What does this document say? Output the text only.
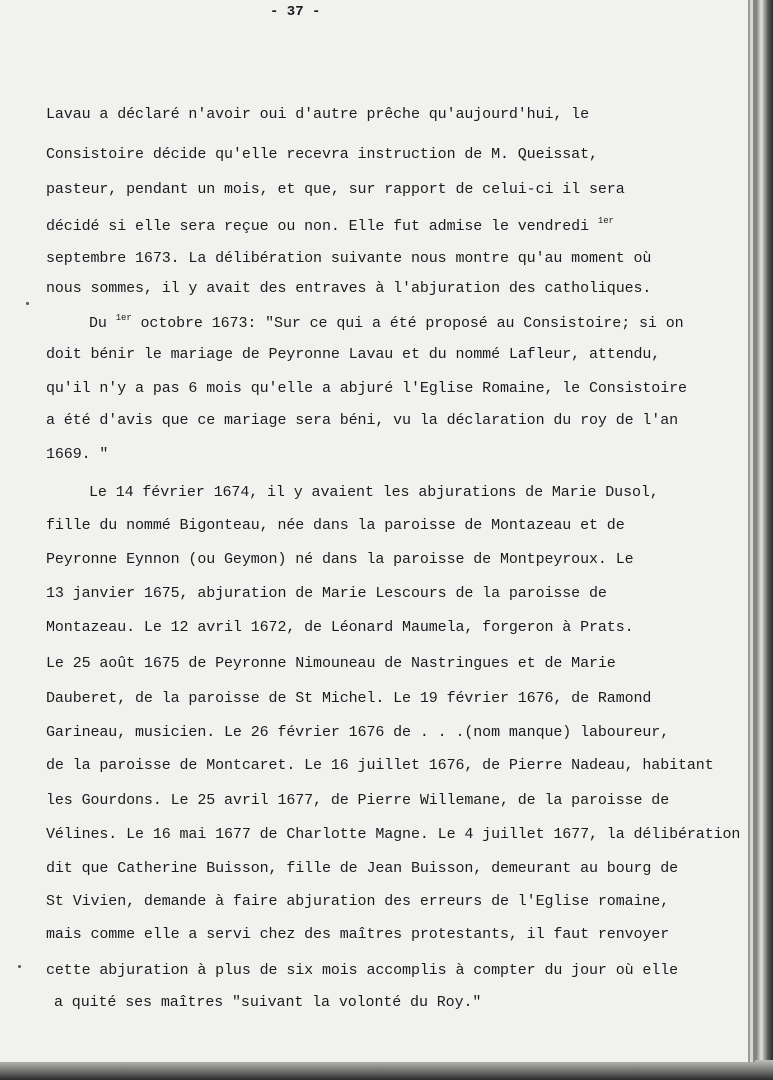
- 37 -
Lavau a déclaré n'avoir oui d'autre prêche qu'aujourd'hui, le
Consistoire décide qu'elle recevra instruction de M. Queissat,
pasteur, pendant un mois, et que, sur rapport de celui-ci il sera
décidé si elle sera reçue ou non. Elle fut admise le vendredi $^{1er}$
septembre 1673. La délibération suivante nous montre qu'au moment où
nous sommes, il y avait des entraves à l'abjuration des catholiques.
Du $^{1er}$ octobre 1673: "Sur ce qui a été proposé au Consistoire; si on
doit bénir le mariage de Peyronne Lavau et du nommé Lafleur, attendu,
qu'il n'y a pas 6 mois qu'elle a abjuré l'Eglise Romaine, le Consistoire
a été d'avis que ce mariage sera béni, vu la déclaration du roy de l'an
1669. "
Le 14 février 1674, il y avaient les abjurations de Marie Dusol,
fille du nommé Bigonteau, née dans la paroisse de Montazeau et de
Peyronne Eynnon (ou Geymon) né dans la paroisse de Montpeyroux. Le
13 janvier 1675, abjuration de Marie Lescours de la paroisse de
Montazeau. Le 12 avril 1672, de Léonard Maumela, forgeron à Prats.
Le 25 août 1675 de Peyronne Nimouneau de Nastringues et de Marie
Dauberet, de la paroisse de St Michel. Le 19 février 1676, de Ramond
Garineau, musicien. Le 26 février 1676 de . . .(nom manque) laboureur,
de la paroisse de Montcaret. Le 16 juillet 1676, de Pierre Nadeau, habitant
les Gourdons. Le 25 avril 1677, de Pierre Willemane, de la paroisse de
Vélines. Le 16 mai 1677 de Charlotte Magne. Le 4 juillet 1677, la délibération
dit que Catherine Buisson, fille de Jean Buisson, demeurant au bourg de
St Vivien, demande à faire abjuration des erreurs de l'Eglise romaine,
mais comme elle a servi chez des maîtres protestants, il faut renvoyer
cette abjuration à plus de six mois accomplis à compter du jour où elle
a quité ses maîtres "suivant la volonté du Roy."
